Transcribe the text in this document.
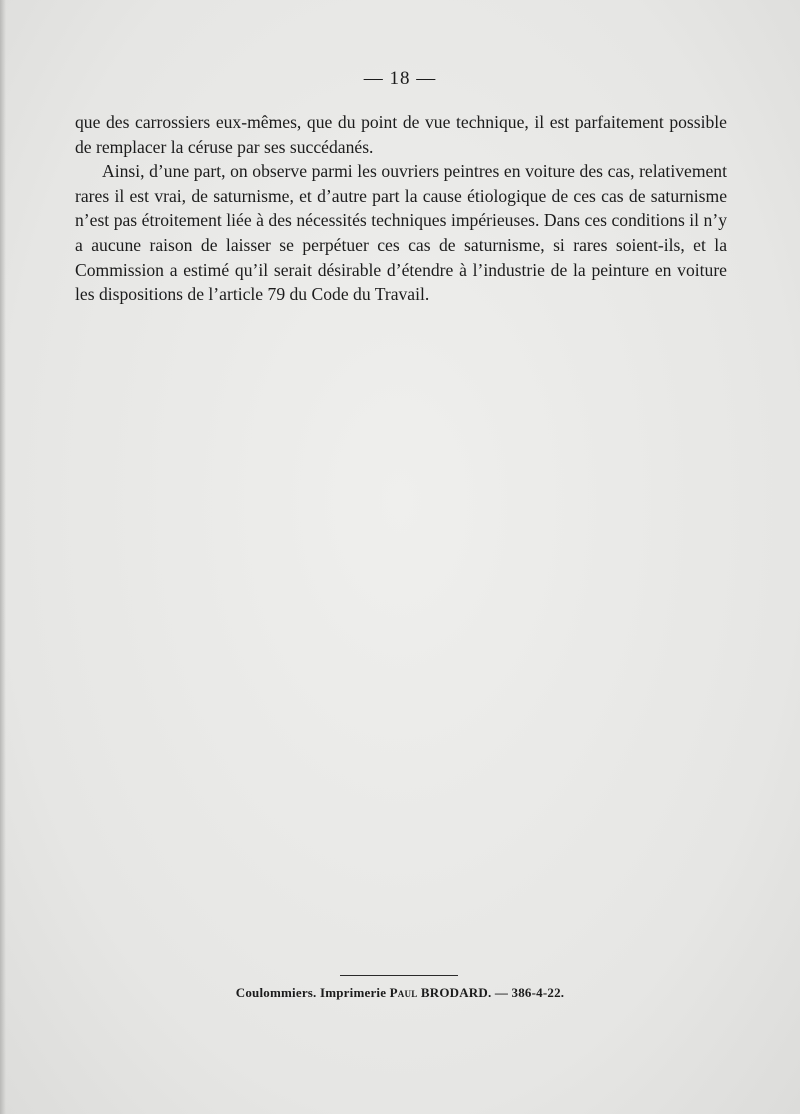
— 18 —

que des carrossiers eux-mêmes, que du point de vue technique, il est parfaitement possible de remplacer la céruse par ses succédanés.

Ainsi, d’une part, on observe parmi les ouvriers peintres en voiture des cas, relativement rares il est vrai, de saturnisme, et d’autre part la cause étiologique de ces cas de saturnisme n’est pas étroitement liée à des nécessités techniques impérieuses. Dans ces conditions il n’y a aucune raison de laisser se perpétuer ces cas de saturnisme, si rares soient-ils, et la Commission a estimé qu’il serait désirable d’étendre à l’industrie de la peinture en voiture les dispositions de l’article 79 du Code du Travail.

Coulommiers. Imprimerie Paul BRODARD. — 386-4-22.
